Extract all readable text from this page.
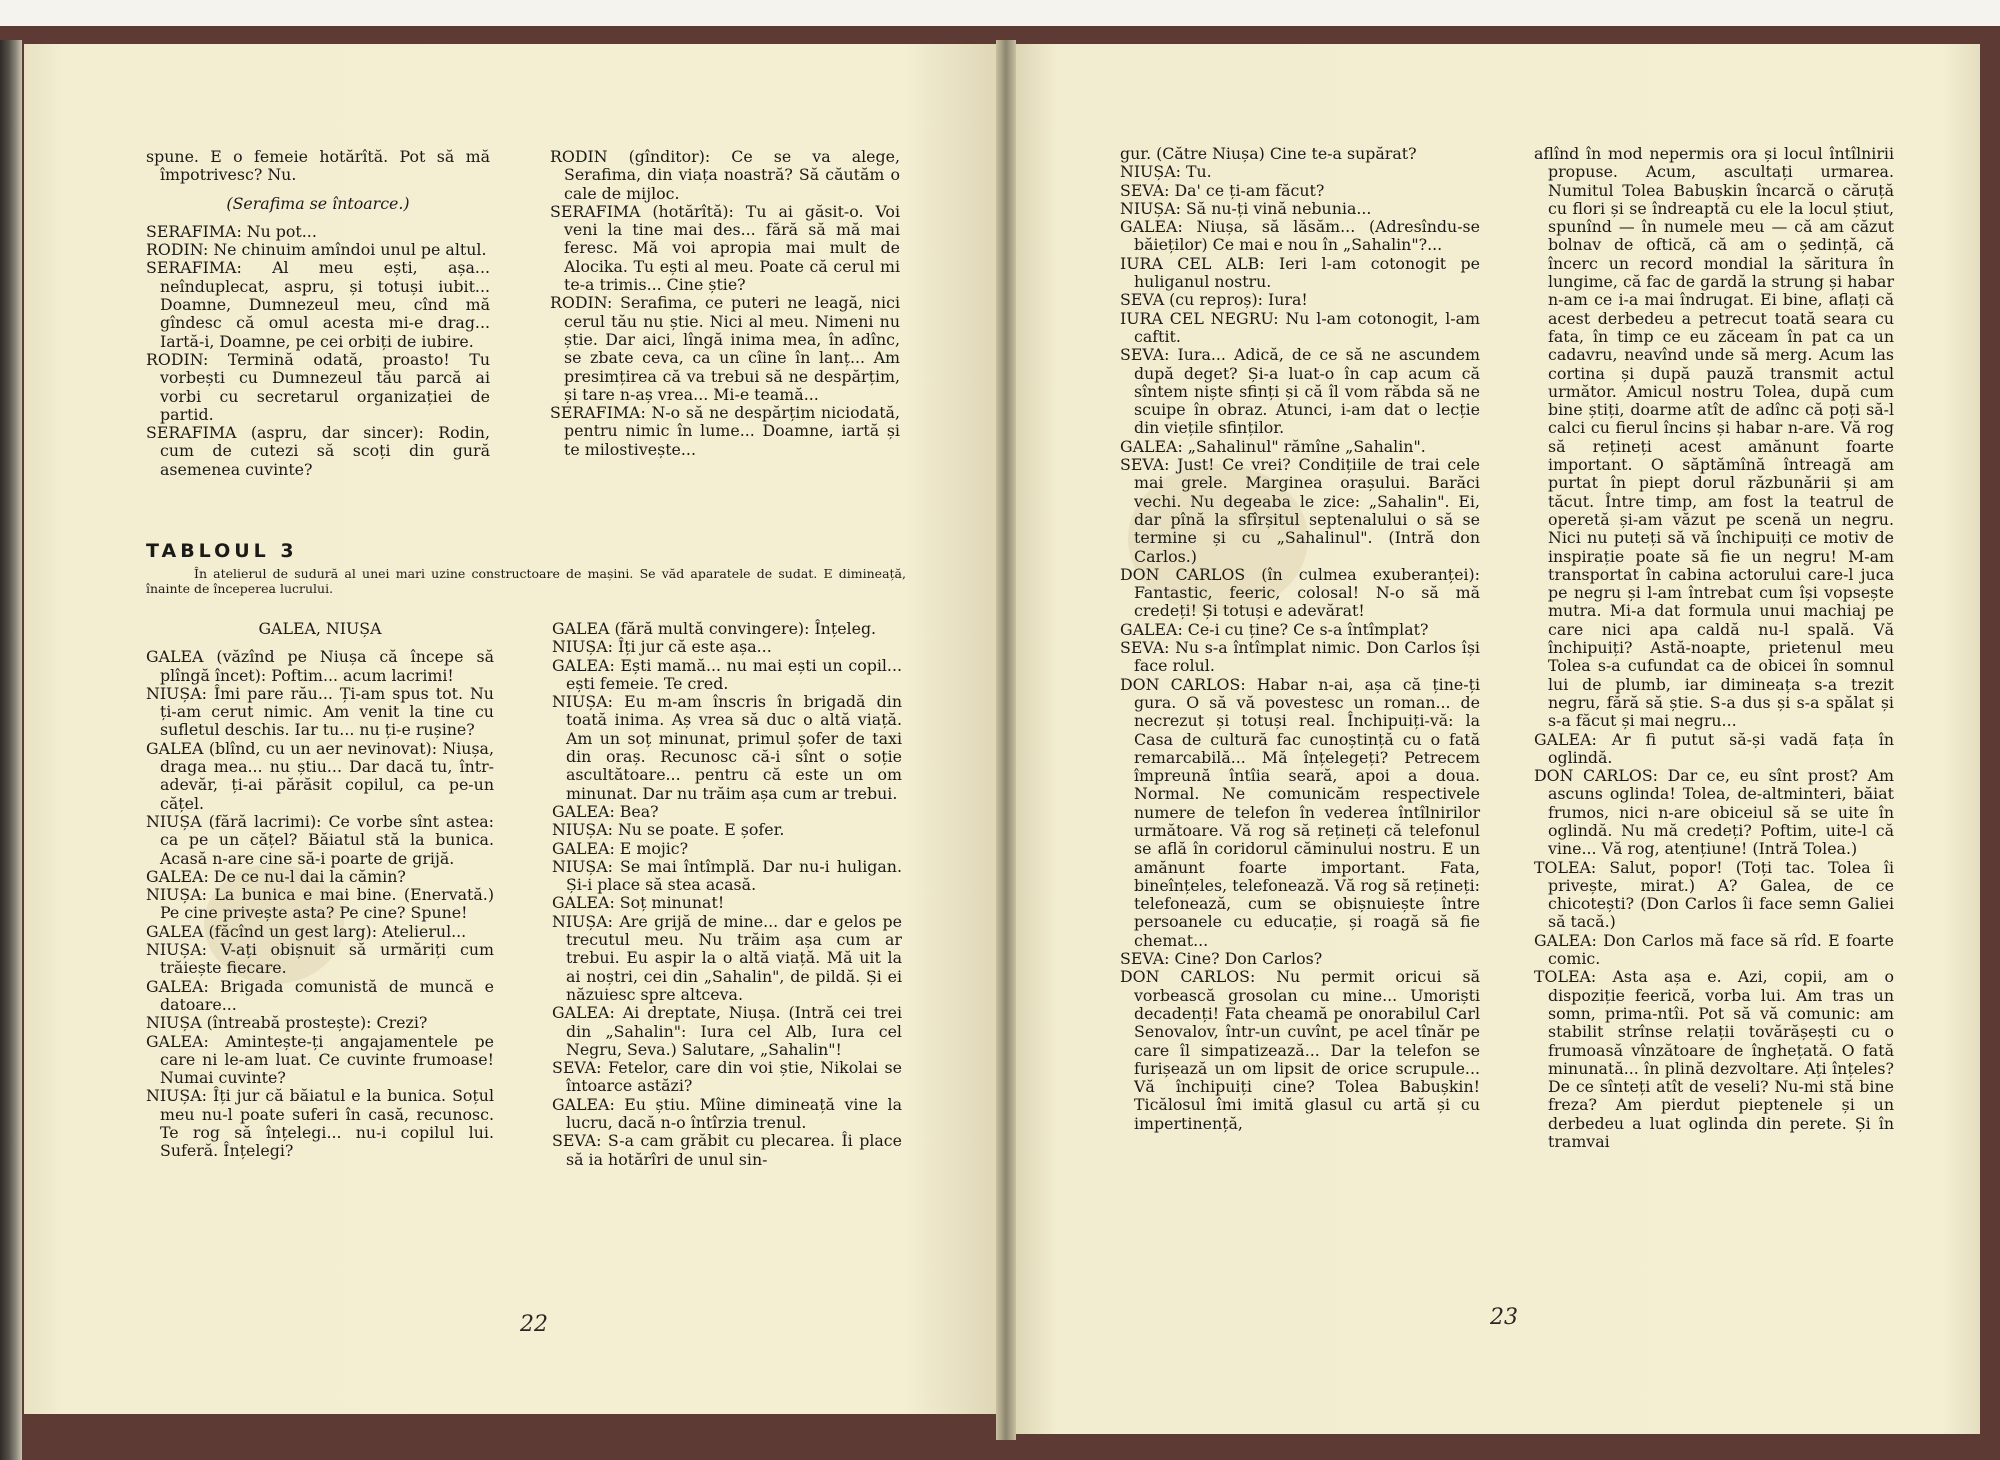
spune. E o femeie hotărîtă. Pot să mă împotrivesc? Nu.

(Serafima se întoarce.)

SERAFIMA: Nu pot...

RODIN: Ne chinuim amîndoi unul pe altul.

SERAFIMA: Al meu ești, așa... neînduplecat, aspru, și totuși iubit... Doamne, Dumnezeul meu, cînd mă gîndesc că omul acesta mi-e drag... Iartă-i, Doamne, pe cei orbiți de iubire.

RODIN: Termină odată, proasto! Tu vorbești cu Dumnezeul tău parcă ai vorbi cu secretarul organizației de partid.

SERAFIMA (aspru, dar sincer): Rodin, cum de cutezi să scoți din gură asemenea cuvinte?

RODIN (gînditor): Ce se va alege, Serafima, din viața noastră? Să căutăm o cale de mijloc.

SERAFIMA (hotărîtă): Tu ai găsit-o. Voi veni la tine mai des... fără să mă mai feresc. Mă voi apropia mai mult de Alocika. Tu ești al meu. Poate că cerul mi te-a trimis... Cine știe?

RODIN: Serafima, ce puteri ne leagă, nici cerul tău nu știe. Nici al meu. Nimeni nu știe. Dar aici, lîngă inima mea, în adînc, se zbate ceva, ca un cîine în lanț... Am presimțirea că va trebui să ne despărțim, și tare n-aș vrea... Mi-e teamă...

SERAFIMA: N-o să ne despărțim niciodată, pentru nimic în lume... Doamne, iartă și te milostivește...

TABLOUL 3
În atelierul de sudură al unei mari uzine constructoare de mașini. Se văd aparatele de sudat. E dimineață, înainte de începerea lucrului.

GALEA, NIUȘA

GALEA (văzînd pe Niușa că începe să plîngă încet): Poftim... acum lacrimi!

NIUȘA: Îmi pare rău... Ți-am spus tot. Nu ți-am cerut nimic. Am venit la tine cu sufletul deschis. Iar tu... nu ți-e rușine?

GALEA (blînd, cu un aer nevinovat): Niușa, draga mea... nu știu... Dar dacă tu, într-adevăr, ți-ai părăsit copilul, ca pe-un cățel.

NIUȘA (fără lacrimi): Ce vorbe sînt astea: ca pe un cățel? Băiatul stă la bunica. Acasă n-are cine să-i poarte de grijă.

GALEA: De ce nu-l dai la cămin?

NIUȘA: La bunica e mai bine. (Enervată.) Pe cine privește asta? Pe cine? Spune!

GALEA (făcînd un gest larg): Atelierul...

NIUȘA: V-ați obișnuit să urmăriți cum trăiește fiecare.

GALEA: Brigada comunistă de muncă e datoare...

NIUȘA (întreabă prostește): Crezi?

GALEA: Amintește-ți angajamentele pe care ni le-am luat. Ce cuvinte frumoase! Numai cuvinte?

NIUȘA: Îți jur că băiatul e la bunica. Soțul meu nu-l poate suferi în casă, recunosc. Te rog să înțelegi... nu-i copilul lui. Suferă. Înțelegi?

GALEA (fără multă convingere): Înțeleg.

NIUȘA: Îți jur că este așa...

GALEA: Ești mamă... nu mai ești un copil... ești femeie. Te cred.

NIUȘA: Eu m-am înscris în brigadă din toată inima. Aș vrea să duc o altă viață. Am un soț minunat, primul șofer de taxi din oraș. Recunosc că-i sînt o soție ascultătoare... pentru că este un om minunat. Dar nu trăim așa cum ar trebui.

GALEA: Bea?

NIUȘA: Nu se poate. E șofer.

GALEA: E mojic?

NIUȘA: Se mai întîmplă. Dar nu-i huligan. Și-i place să stea acasă.

GALEA: Soț minunat!

NIUȘA: Are grijă de mine... dar e gelos pe trecutul meu. Nu trăim așa cum ar trebui. Eu aspir la o altă viață. Mă uit la ai noștri, cei din „Sahalin", de pildă. Și ei năzuiesc spre altceva.

GALEA: Ai dreptate, Niușa. (Intră cei trei din „Sahalin": Iura cel Alb, Iura cel Negru, Seva.) Salutare, „Sahalin"!

SEVA: Fetelor, care din voi știe, Nikolai se întoarce astăzi?

GALEA: Eu știu. Mîine dimineață vine la lucru, dacă n-o întîrzia trenul.

SEVA: S-a cam grăbit cu plecarea. Îi place să ia hotărîri de unul sin-

22

gur. (Către Niușa) Cine te-a supărat?

NIUȘA: Tu.

SEVA: Da' ce ți-am făcut?

NIUȘA: Să nu-ți vină nebunia...

GALEA: Niușa, să lăsăm... (Adresîndu-se băieților) Ce mai e nou în „Sahalin"?...

IURA CEL ALB: Ieri l-am cotonogit pe huliganul nostru.

SEVA (cu reproș): Iura!

IURA CEL NEGRU: Nu l-am cotonogit, l-am caftit.

SEVA: Iura... Adică, de ce să ne ascundem după deget? Și-a luat-o în cap acum că sîntem niște sfinți și că îl vom răbda să ne scuipe în obraz. Atunci, i-am dat o lecție din viețile sfinților.

GALEA: „Sahalinul" rămîne „Sahalin".

SEVA: Just! Ce vrei? Condițiile de trai cele mai grele. Marginea orașului. Barăci vechi. Nu degeaba le zice: „Sahalin". Ei, dar pînă la sfîrșitul septenalului o să se termine și cu „Sahalinul". (Intră don Carlos.)

DON CARLOS (în culmea exuberanței): Fantastic, feeric, colosal! N-o să mă credeți! Și totuși e adevărat!

GALEA: Ce-i cu ține? Ce s-a întîmplat?

SEVA: Nu s-a întîmplat nimic. Don Carlos își face rolul.

DON CARLOS: Habar n-ai, așa că ține-ți gura. O să vă povestesc un roman... de necrezut și totuși real. Închipuiți-vă: la Casa de cultură fac cunoștință cu o fată remarcabilă... Mă înțelegeți? Petrecem împreună întîia seară, apoi a doua. Normal. Ne comunicăm respectivele numere de telefon în vederea întîlnirilor următoare. Vă rog să rețineți că telefonul se află în coridorul căminului nostru. E un amănunt foarte important. Fata, bineînțeles, telefonează. Vă rog să rețineți: telefonează, cum se obișnuiește între persoanele cu educație, și roagă să fie chemat...

SEVA: Cine? Don Carlos?

DON CARLOS: Nu permit oricui să vorbească grosolan cu mine... Umoriști decadenți! Fata cheamă pe onorabilul Carl Senovalov, într-un cuvînt, pe acel tînăr pe care îl simpatizează... Dar la telefon se furișează un om lipsit de orice scrupule... Vă închipuiți cine? Tolea Babușkin! Ticălosul îmi imită glasul cu artă și cu impertinență,

aflînd în mod nepermis ora și locul întîlnirii propuse. Acum, ascultați urmarea. Numitul Tolea Babușkin încarcă o căruță cu flori și se îndreaptă cu ele la locul știut, spunînd — în numele meu — că am căzut bolnav de oftică, că am o ședință, că încerc un record mondial la săritura în lungime, că fac de gardă la strung și habar n-am ce i-a mai îndrugat. Ei bine, aflați că acest derbedeu a petrecut toată seara cu fata, în timp ce eu zăceam în pat ca un cadavru, neavînd unde să merg. Acum las cortina și după pauză transmit actul următor. Amicul nostru Tolea, după cum bine știți, doarme atît de adînc că poți să-l calci cu fierul încins și habar n-are. Vă rog să rețineți acest amănunt foarte important. O săptămînă întreagă am purtat în piept dorul răzbunării și am tăcut. Între timp, am fost la teatrul de operetă și-am văzut pe scenă un negru. Nici nu puteți să vă închipuiți ce motiv de inspirație poate să fie un negru! M-am transportat în cabina actorului care-l juca pe negru și l-am întrebat cum își vopsește mutra. Mi-a dat formula unui machiaj pe care nici apa caldă nu-l spală. Vă închipuiți? Astă-noapte, prietenul meu Tolea s-a cufundat ca de obicei în somnul lui de plumb, iar dimineața s-a trezit negru, fără să știe. S-a dus și s-a spălat și s-a făcut și mai negru...

GALEA: Ar fi putut să-și vadă fața în oglindă.

DON CARLOS: Dar ce, eu sînt prost? Am ascuns oglinda! Tolea, de-altminteri, băiat frumos, nici n-are obiceiul să se uite în oglindă. Nu mă credeți? Poftim, uite-l că vine... Vă rog, atențiune! (Intră Tolea.)

TOLEA: Salut, popor! (Toți tac. Tolea îi privește, mirat.) A? Galea, de ce chicotești? (Don Carlos îi face semn Galiei să tacă.)

GALEA: Don Carlos mă face să rîd. E foarte comic.

TOLEA: Asta așa e. Azi, copii, am o dispoziție feerică, vorba lui. Am tras un somn, prima-ntîi. Pot să vă comunic: am stabilit strînse relații tovărășești cu o frumoasă vînzătoare de înghețată. O fată minunată... în plină dezvoltare. Ați înțeles? De ce sînteți atît de veseli? Nu-mi stă bine freza? Am pierdut pieptenele și un derbedeu a luat oglinda din perete. Și în tramvai

23
